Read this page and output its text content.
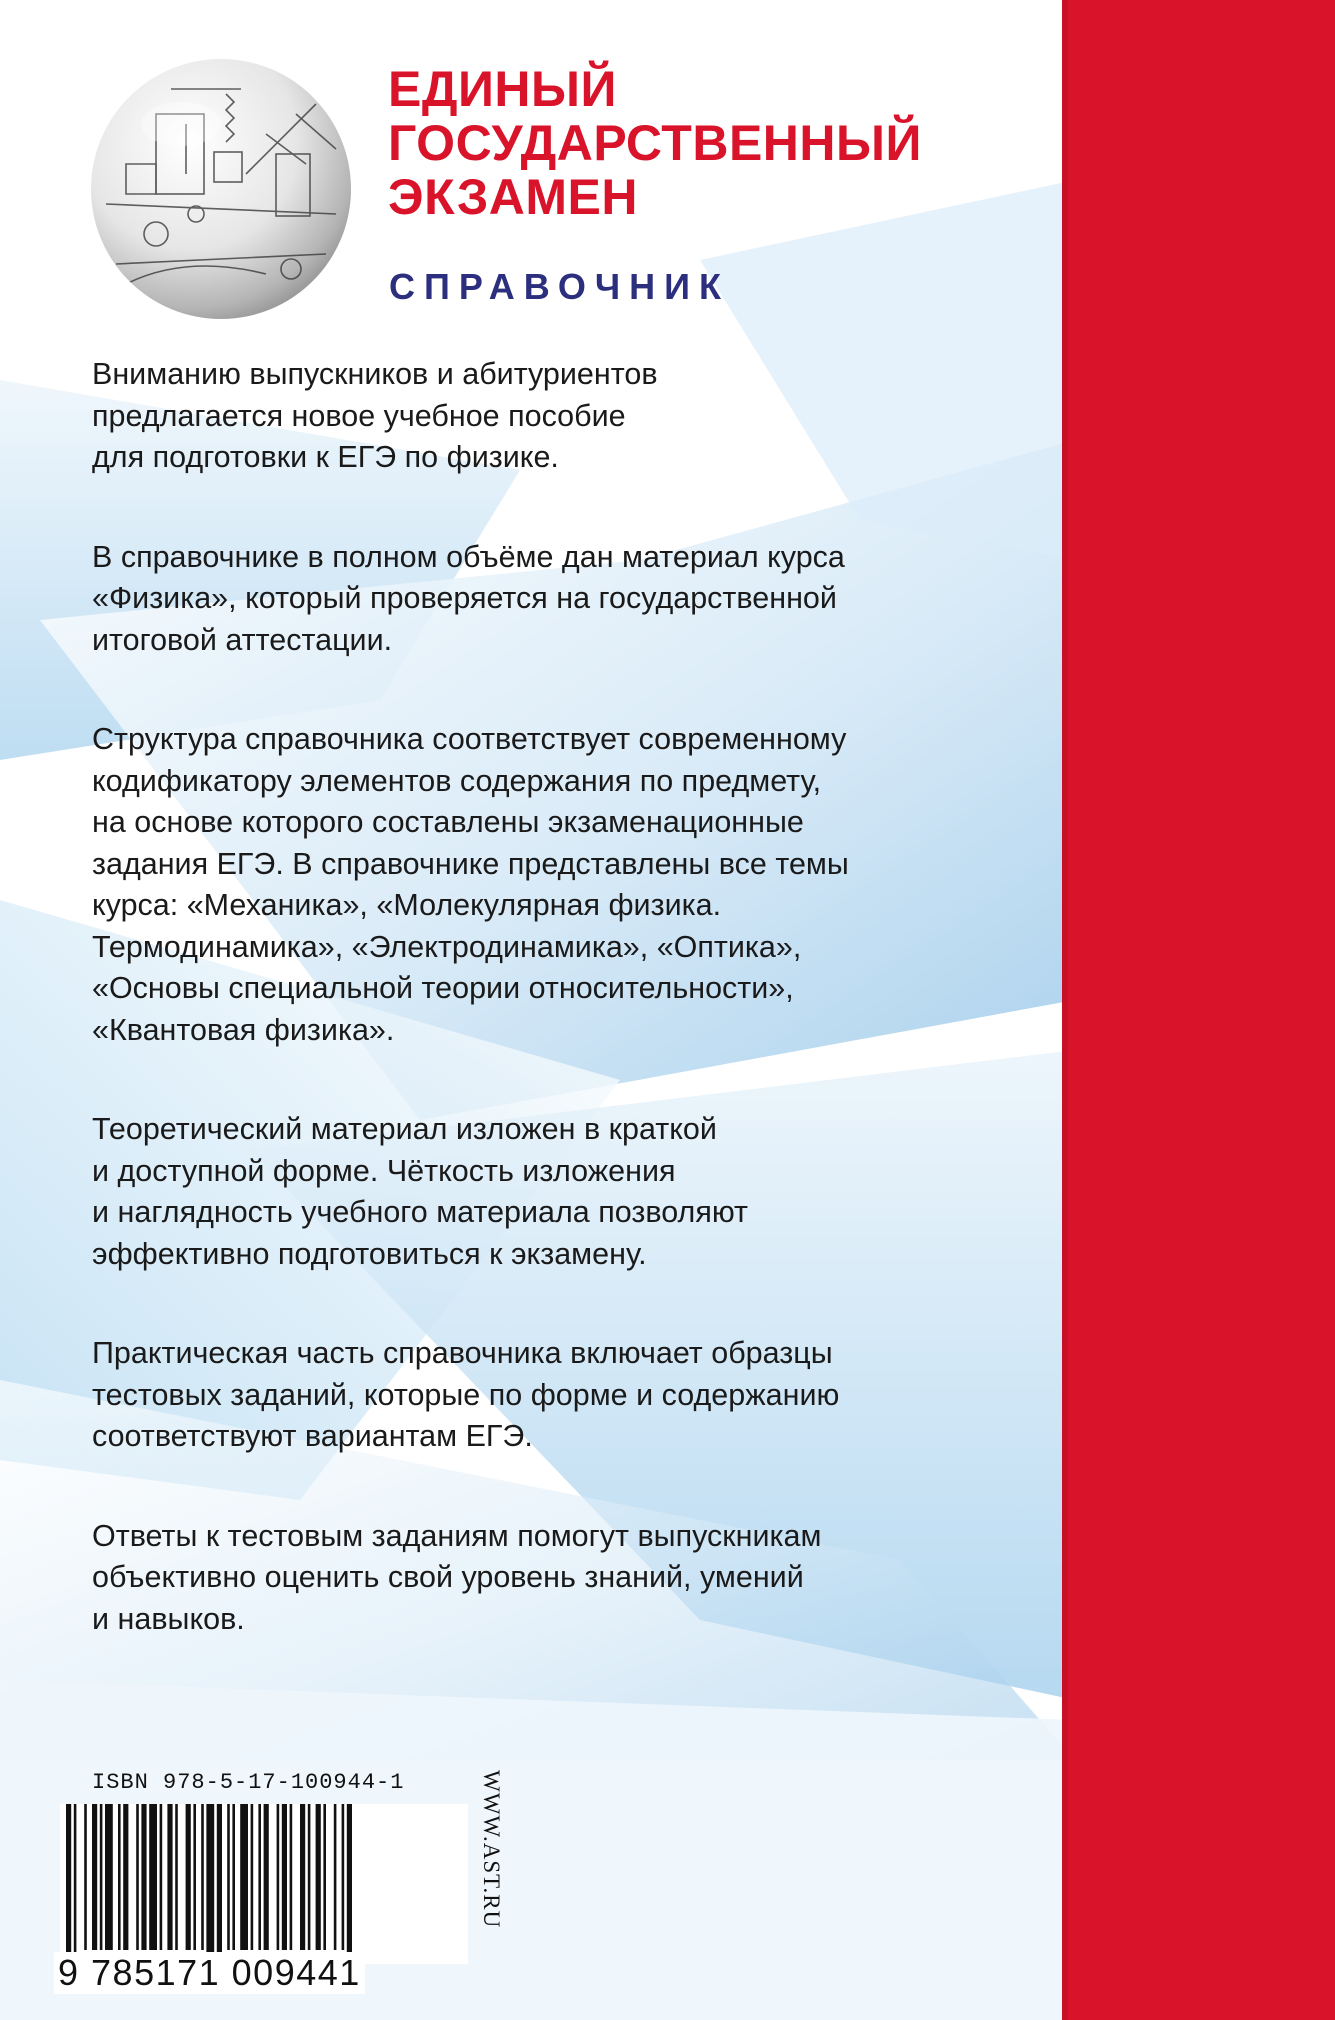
ЕДИНЫЙ
ГОСУДАРСТВЕННЫЙ
ЭКЗАМЕН
СПРАВОЧНИК

Вниманию выпускников и абитуриентов
предлагается новое учебное пособие
для подготовки к ЕГЭ по физике.

В справочнике в полном объёме дан материал курса
«Физика», который проверяется на государственной
итоговой аттестации.

Структура справочника соответствует современному
кодификатору элементов содержания по предмету,
на основе которого составлены экзаменационные
задания ЕГЭ. В справочнике представлены все темы
курса: «Механика», «Молекулярная физика.
Термодинамика», «Электродинамика», «Оптика»,
«Основы специальной теории относительности»,
«Квантовая физика».

Теоретический материал изложен в краткой
и доступной форме. Чёткость изложения
и наглядность учебного материала позволяют
эффективно подготовиться к экзамену.

Практическая часть справочника включает образцы
тестовых заданий, которые по форме и содержанию
соответствуют вариантам ЕГЭ.

Ответы к тестовым заданиям помогут выпускникам
объективно оценить свой уровень знаний, умений
и навыков.

ISBN 978-5-17-100944-1

9 785171 009441

WWW.AST.RU
